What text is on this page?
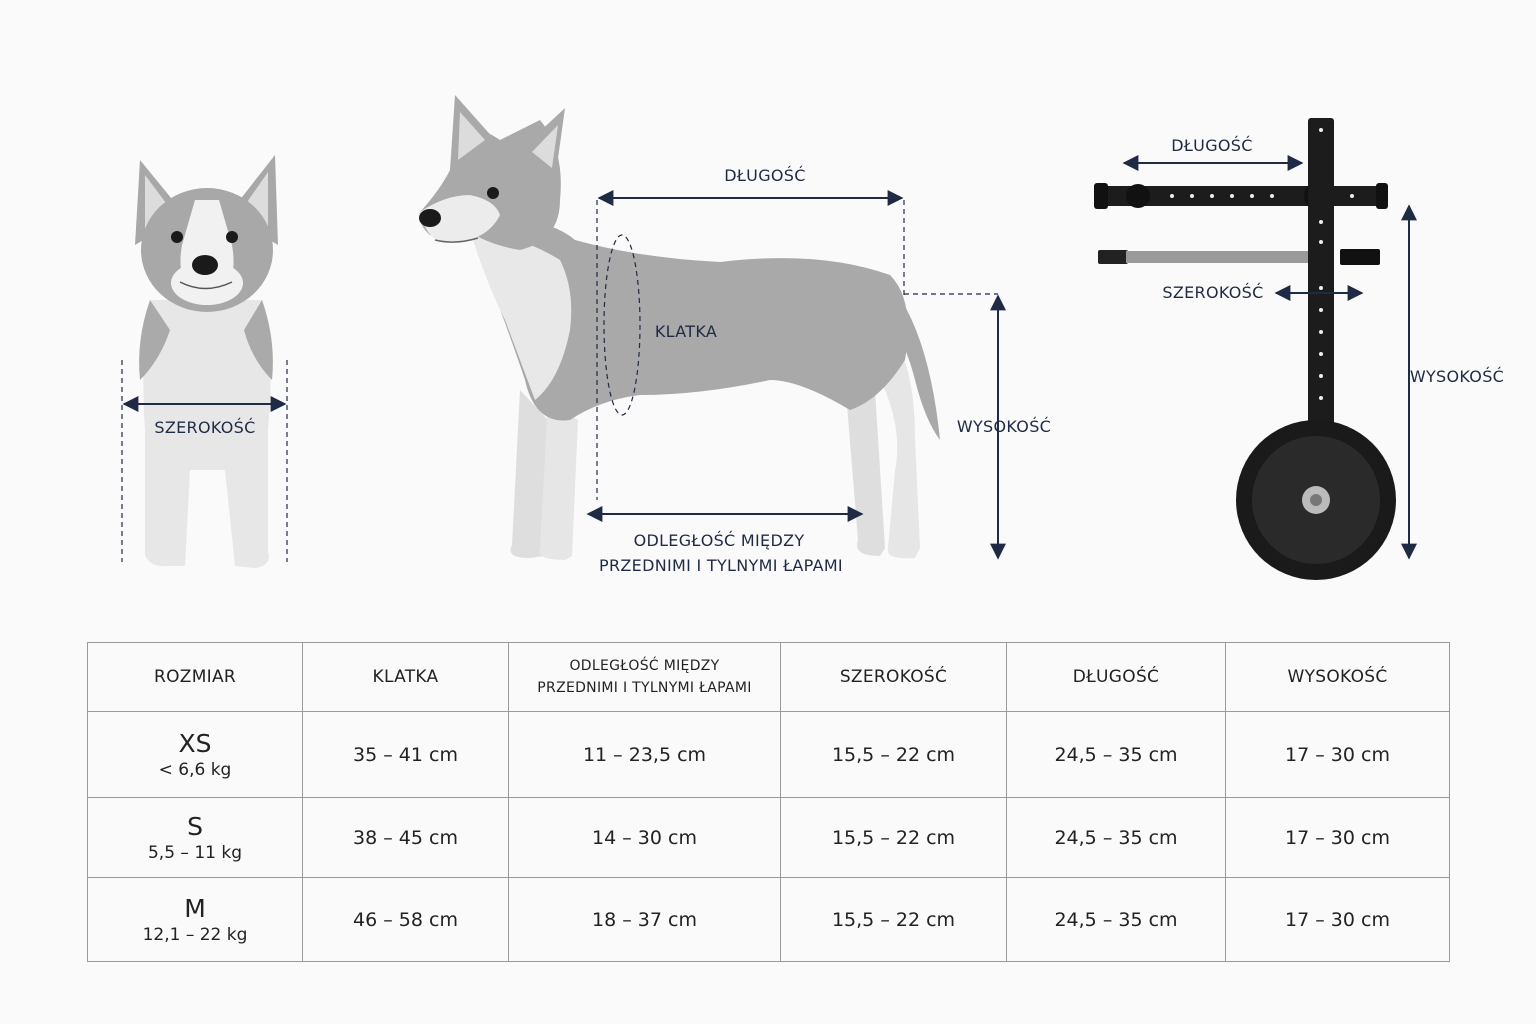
SZEROKOŚĆ
DŁUGOŚĆ
KLATKA
WYSOKOŚĆ
ODLEGŁOŚĆ MIĘDZY
PRZEDNIMI I TYLNYMI ŁAPAMI
DŁUGOŚĆ
SZEROKOŚĆ
WYSOKOŚĆ
ROZMIAR	KLATKA	ODLEGŁOŚĆ MIĘDZY
PRZEDNIMI I TYLNYMI ŁAPAMI	SZEROKOŚĆ	DŁUGOŚĆ	WYSOKOŚĆ

XS
< 6,6 kg	35 – 41 cm	11 – 23,5 cm	15,5 – 22 cm	24,5 – 35 cm	17 – 30 cm

S
5,5 – 11 kg	38 – 45 cm	14 – 30 cm	15,5 – 22 cm	24,5 – 35 cm	17 – 30 cm

M
12,1 – 22 kg	46 – 58 cm	18 – 37 cm	15,5 – 22 cm	24,5 – 35 cm	17 – 30 cm
